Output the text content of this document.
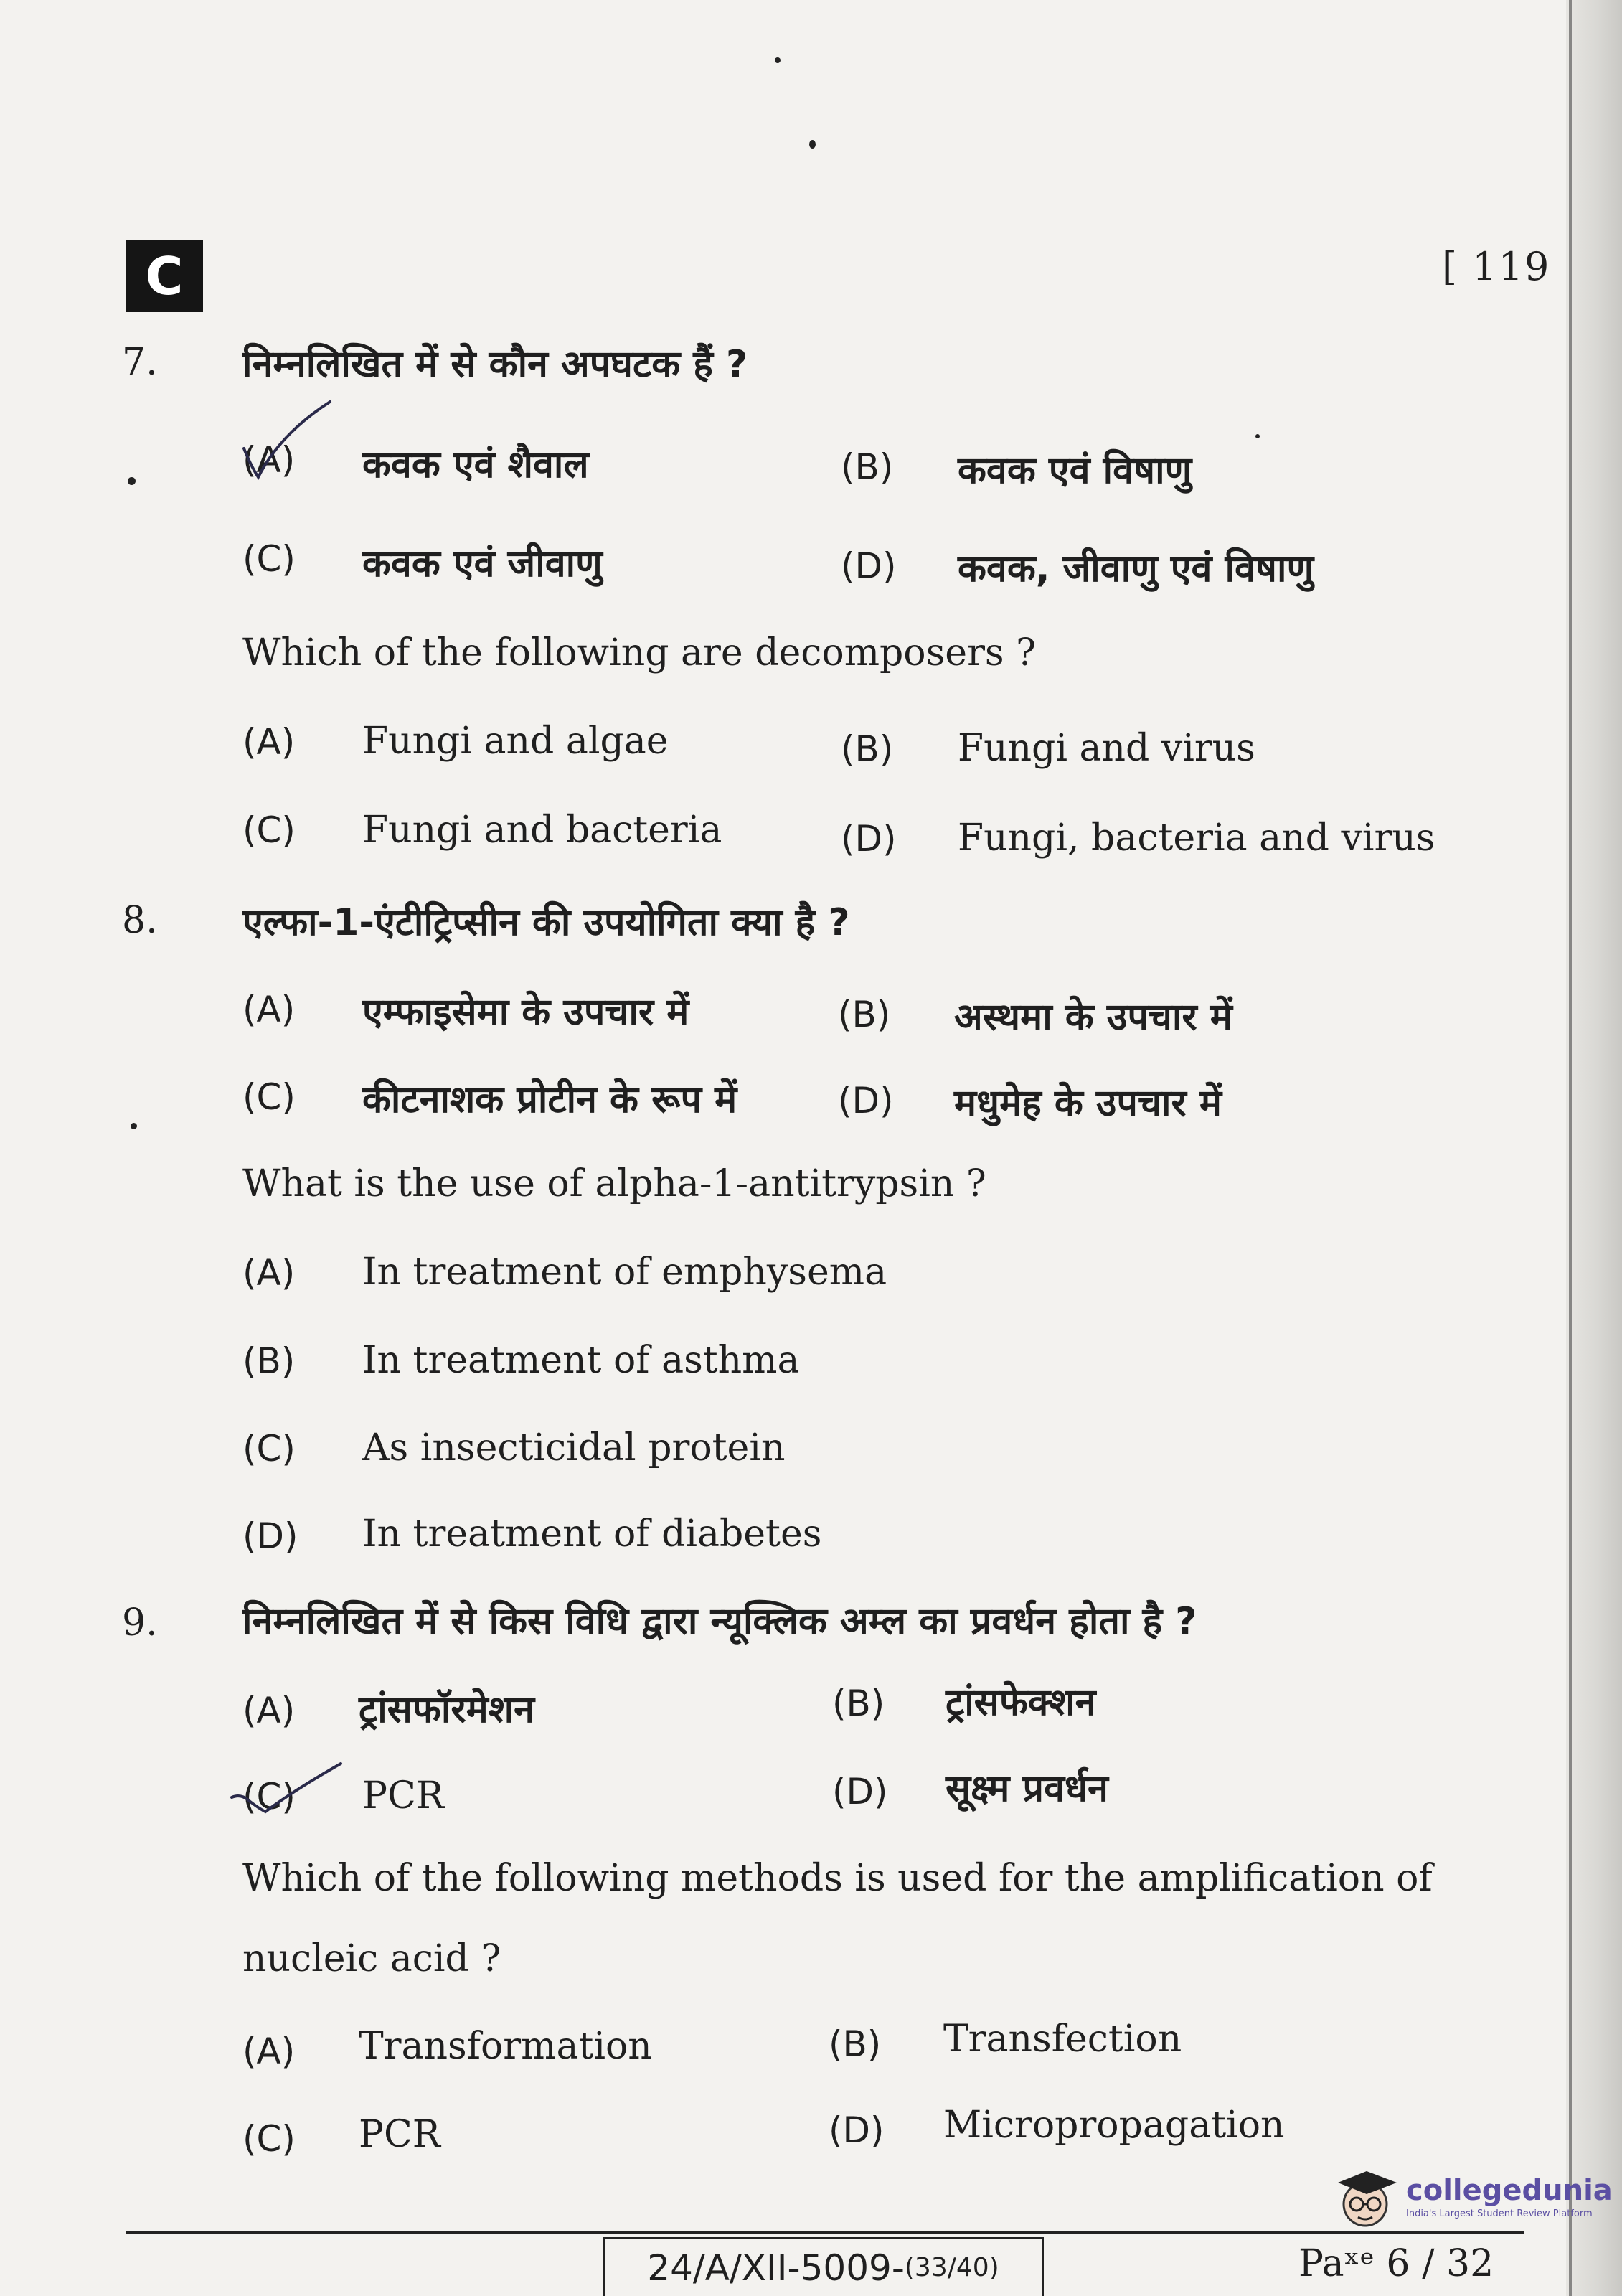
C	[ 119
7. निम्नलिखित में से कौन अपघटक हैं ?
(A) कवक एवं शैवाल	(B) कवक एवं विषाणु
(C) कवक एवं जीवाणु	(D) कवक, जीवाणु एवं विषाणु
Which of the following are decomposers ?
(A) Fungi and algae	(B) Fungi and virus
(C) Fungi and bacteria	(D) Fungi, bacteria and virus
8. एल्फा-1-एंटीट्रिप्सीन की उपयोगिता क्या है ?
(A) एम्फाइसेमा के उपचार में	(B) अस्थमा के उपचार में
(C) कीटनाशक प्रोटीन के रूप में	(D) मधुमेह के उपचार में
What is the use of alpha-1-antitrypsin ?
(A) In treatment of emphysema
(B) In treatment of asthma
(C) As insecticidal protein
(D) In treatment of diabetes
9. निम्नलिखित में से किस विधि द्वारा न्यूक्लिक अम्ल का प्रवर्धन होता है ?
(A) ट्रांसफॉरमेशन	(B) ट्रांसफेक्शन
(C) PCR	(D) सूक्ष्म प्रवर्धन
Which of the following methods is used for the amplification of
nucleic acid ?
(A) Transformation	(B) Transfection
(C) PCR	(D) Micropropagation
collegedunia
India's Largest Student Review Platform
24/A/XII-5009- (33/40)	Paˣᵉ 6 / 32
